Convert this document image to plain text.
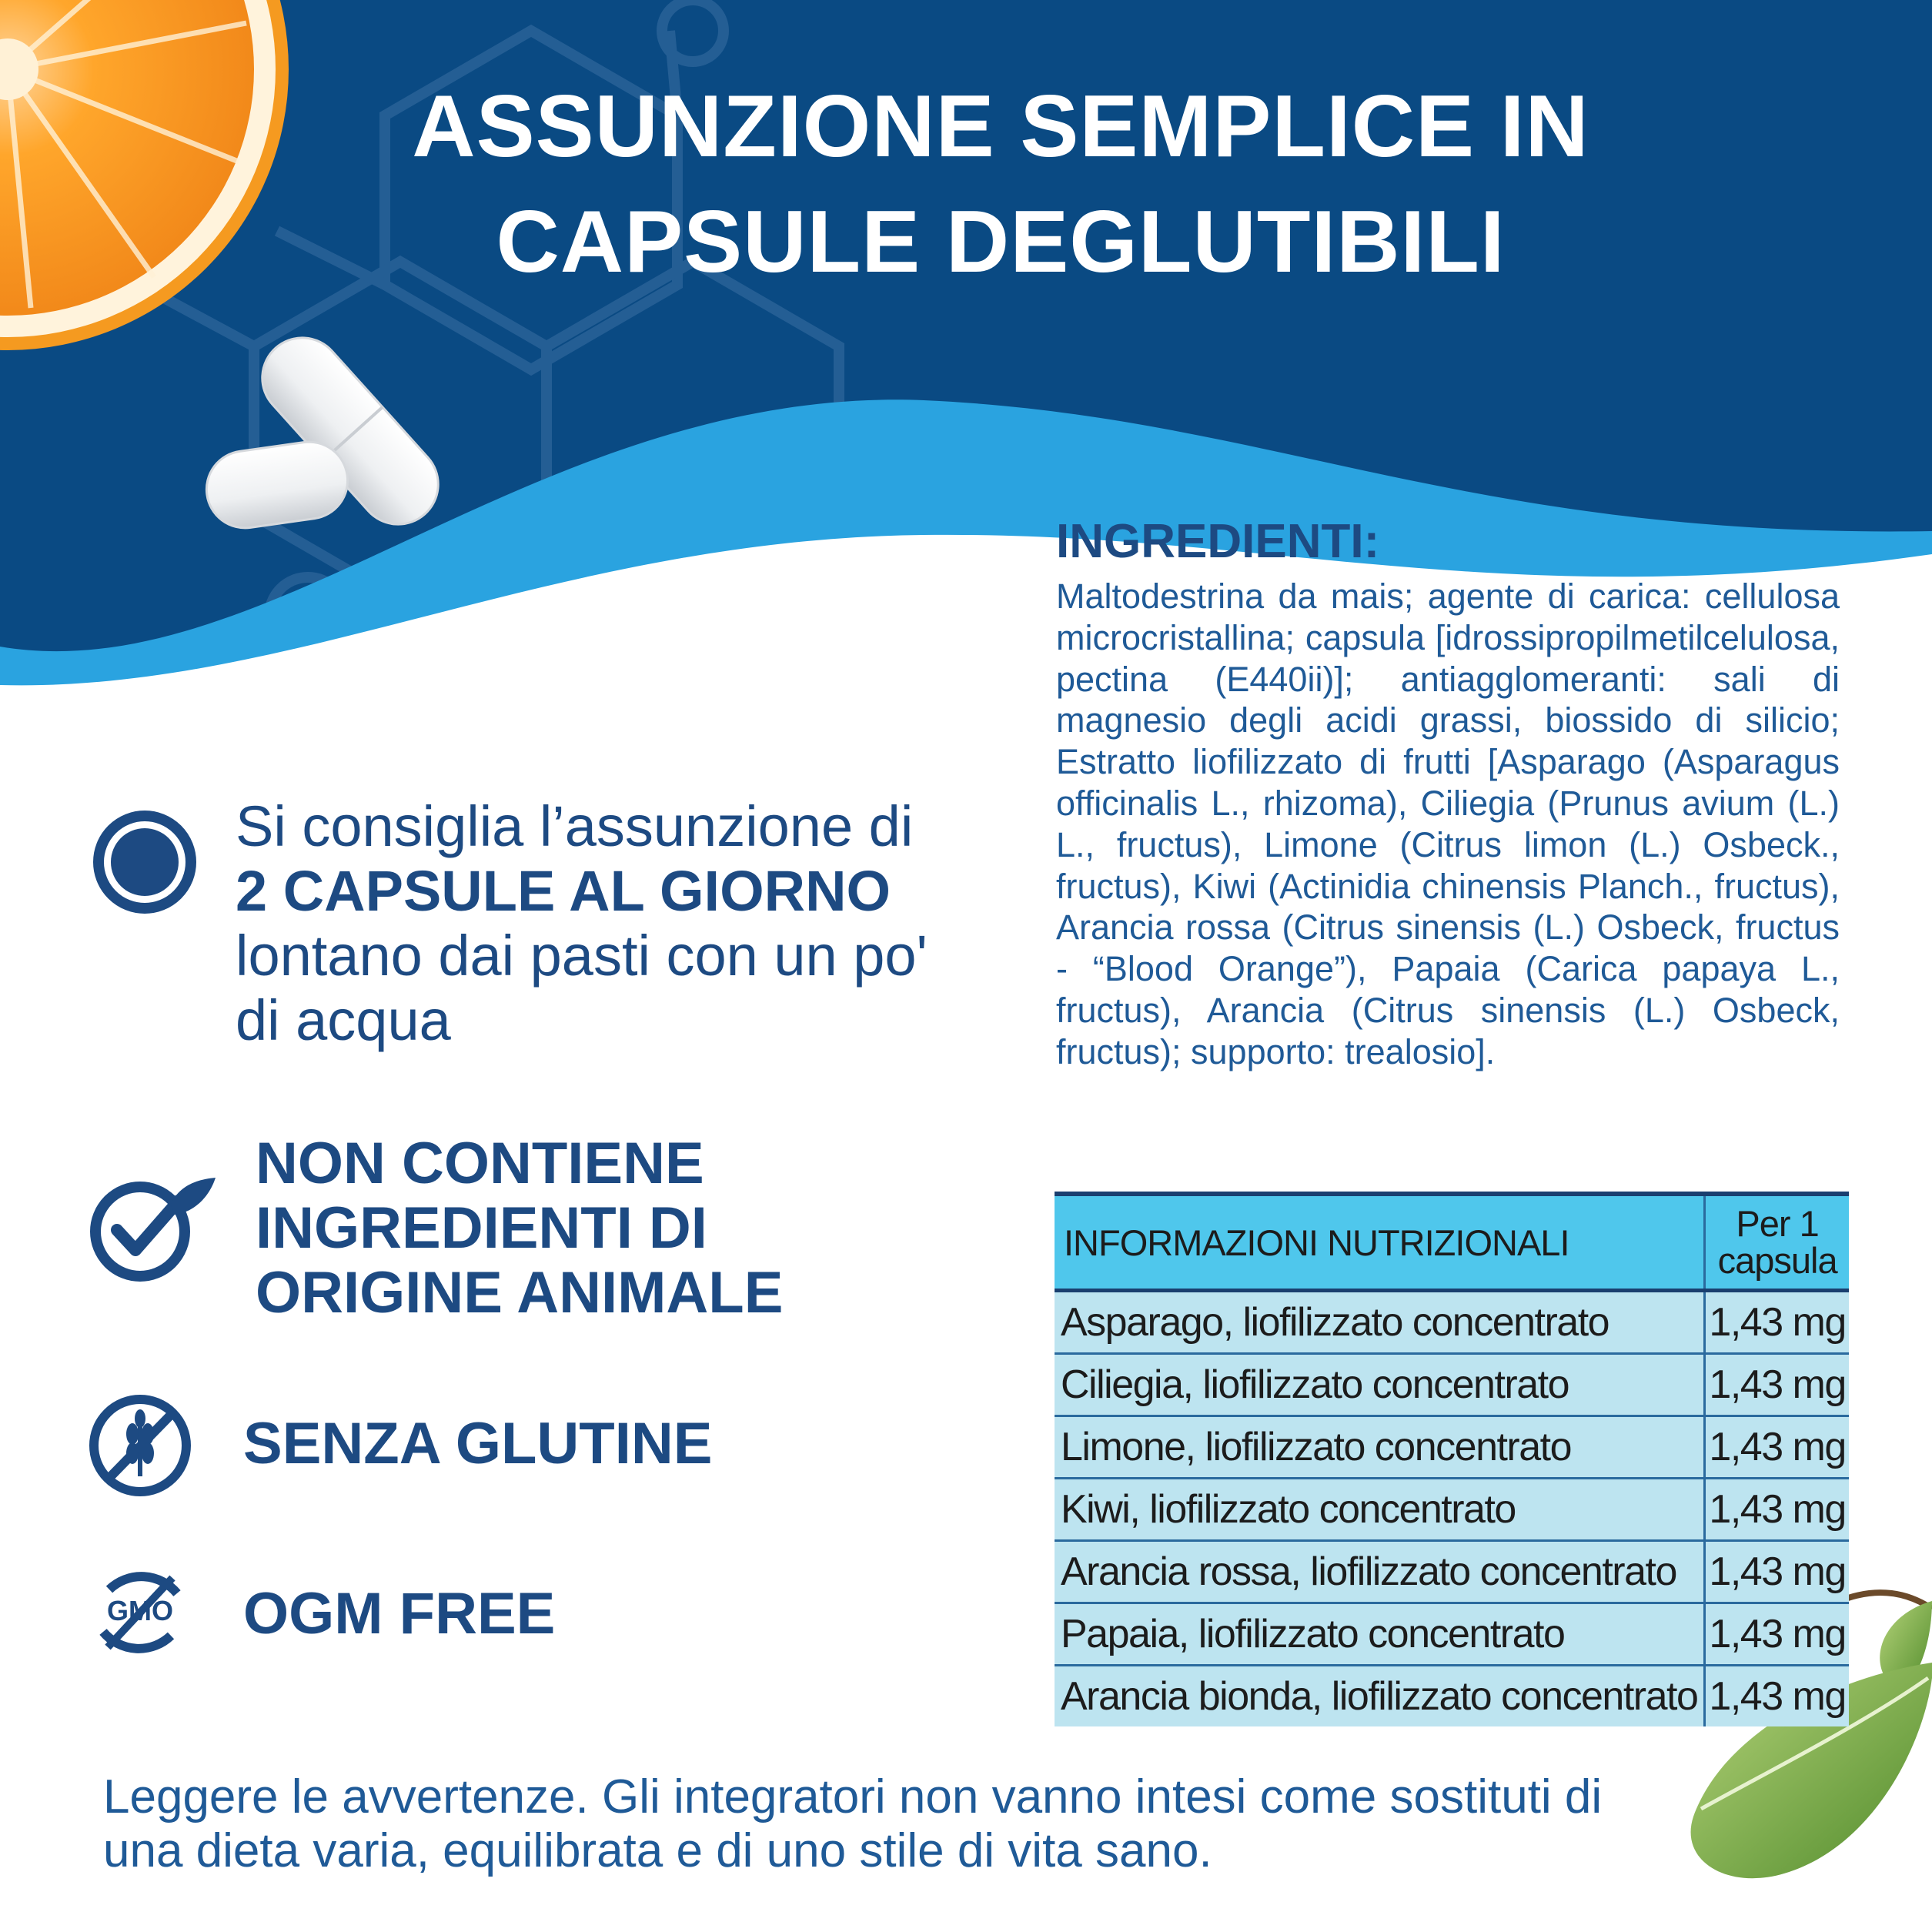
ASSUNZIONE SEMPLICE IN
CAPSULE DEGLUTIBILI
INGREDIENTI:

Maltodestrina da mais; agente di carica: cellulosa microcristallina; capsula [idrossipropilmetilcelulosa, pectina (E440ii)]; antiagglomeranti: sali di magnesio degli acidi grassi, biossido di silicio; Estratto liofilizzato di frutti [Asparago (Asparagus officinalis L., rhizoma), Ciliegia (Prunus avium (L.) L., fructus), Limone (Citrus limon (L.) Osbeck., fructus), Kiwi (Actinidia chinensis Planch., fructus), Arancia rossa (Citrus sinensis (L.) Osbeck, fructus - “Blood Orange”), Papaia (Carica papaya L., fructus), Arancia (Citrus sinensis (L.) Osbeck, fructus); supporto: trealosio].

INFORMAZIONI NUTRIZIONALI	Per 1
capsula

Asparago, liofilizzato concentrato	1,43 mg
Ciliegia, liofilizzato concentrato	1,43 mg
Limone, liofilizzato concentrato	1,43 mg
Kiwi, liofilizzato concentrato	1,43 mg
Arancia rossa, liofilizzato concentrato	1,43 mg
Papaia, liofilizzato concentrato	1,43 mg
Arancia bionda, liofilizzato concentrato	1,43 mg

Si consiglia l’assunzione di 2 CAPSULE AL GIORNO lontano dai pasti con un po' di acqua

NON CONTIENE
INGREDIENTI DI
ORIGINE ANIMALE

SENZA GLUTINE

GMO OGM FREE

Leggere le avvertenze. Gli integratori non vanno intesi come sostituti di
una dieta varia, equilibrata e di uno stile di vita sano.
